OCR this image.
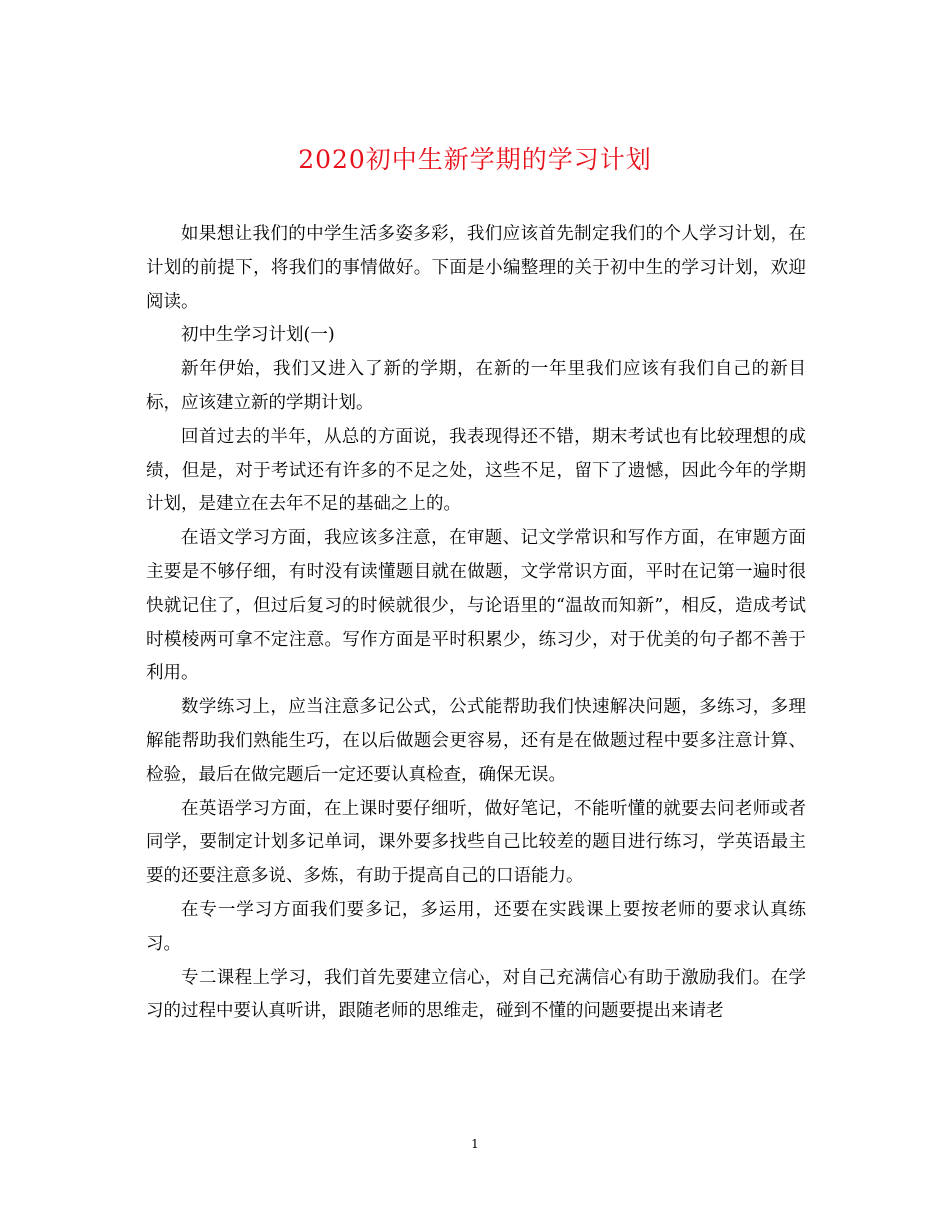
2020初中生新学期的学习计划

如果想让我们的中学生活多姿多彩，我们应该首先制定我们的个人学习计划，在计划的前提下，将我们的事情做好。下面是小编整理的关于初中生的学习计划，欢迎阅读。

初中生学习计划(一)

新年伊始，我们又进入了新的学期，在新的一年里我们应该有我们自己的新目标，应该建立新的学期计划。

回首过去的半年，从总的方面说，我表现得还不错，期末考试也有比较理想的成绩，但是，对于考试还有许多的不足之处，这些不足，留下了遗憾，因此今年的学期计划，是建立在去年不足的基础之上的。

在语文学习方面，我应该多注意，在审题、记文学常识和写作方面，在审题方面主要是不够仔细，有时没有读懂题目就在做题，文学常识方面，平时在记第一遍时很快就记住了，但过后复习的时候就很少，与论语里的“温故而知新”，相反，造成考试时模棱两可拿不定注意。写作方面是平时积累少，练习少，对于优美的句子都不善于利用。

数学练习上，应当注意多记公式，公式能帮助我们快速解决问题，多练习，多理解能帮助我们熟能生巧，在以后做题会更容易，还有是在做题过程中要多注意计算、检验，最后在做完题后一定还要认真检查，确保无误。

在英语学习方面，在上课时要仔细听，做好笔记，不能听懂的就要去问老师或者同学，要制定计划多记单词，课外要多找些自己比较差的题目进行练习，学英语最主要的还要注意多说、多炼，有助于提高自己的口语能力。

在专一学习方面我们要多记，多运用，还要在实践课上要按老师的要求认真练习。

专二课程上学习，我们首先要建立信心，对自己充满信心有助于激励我们。在学习的过程中要认真听讲，跟随老师的思维走，碰到不懂的问题要提出来请老

1
